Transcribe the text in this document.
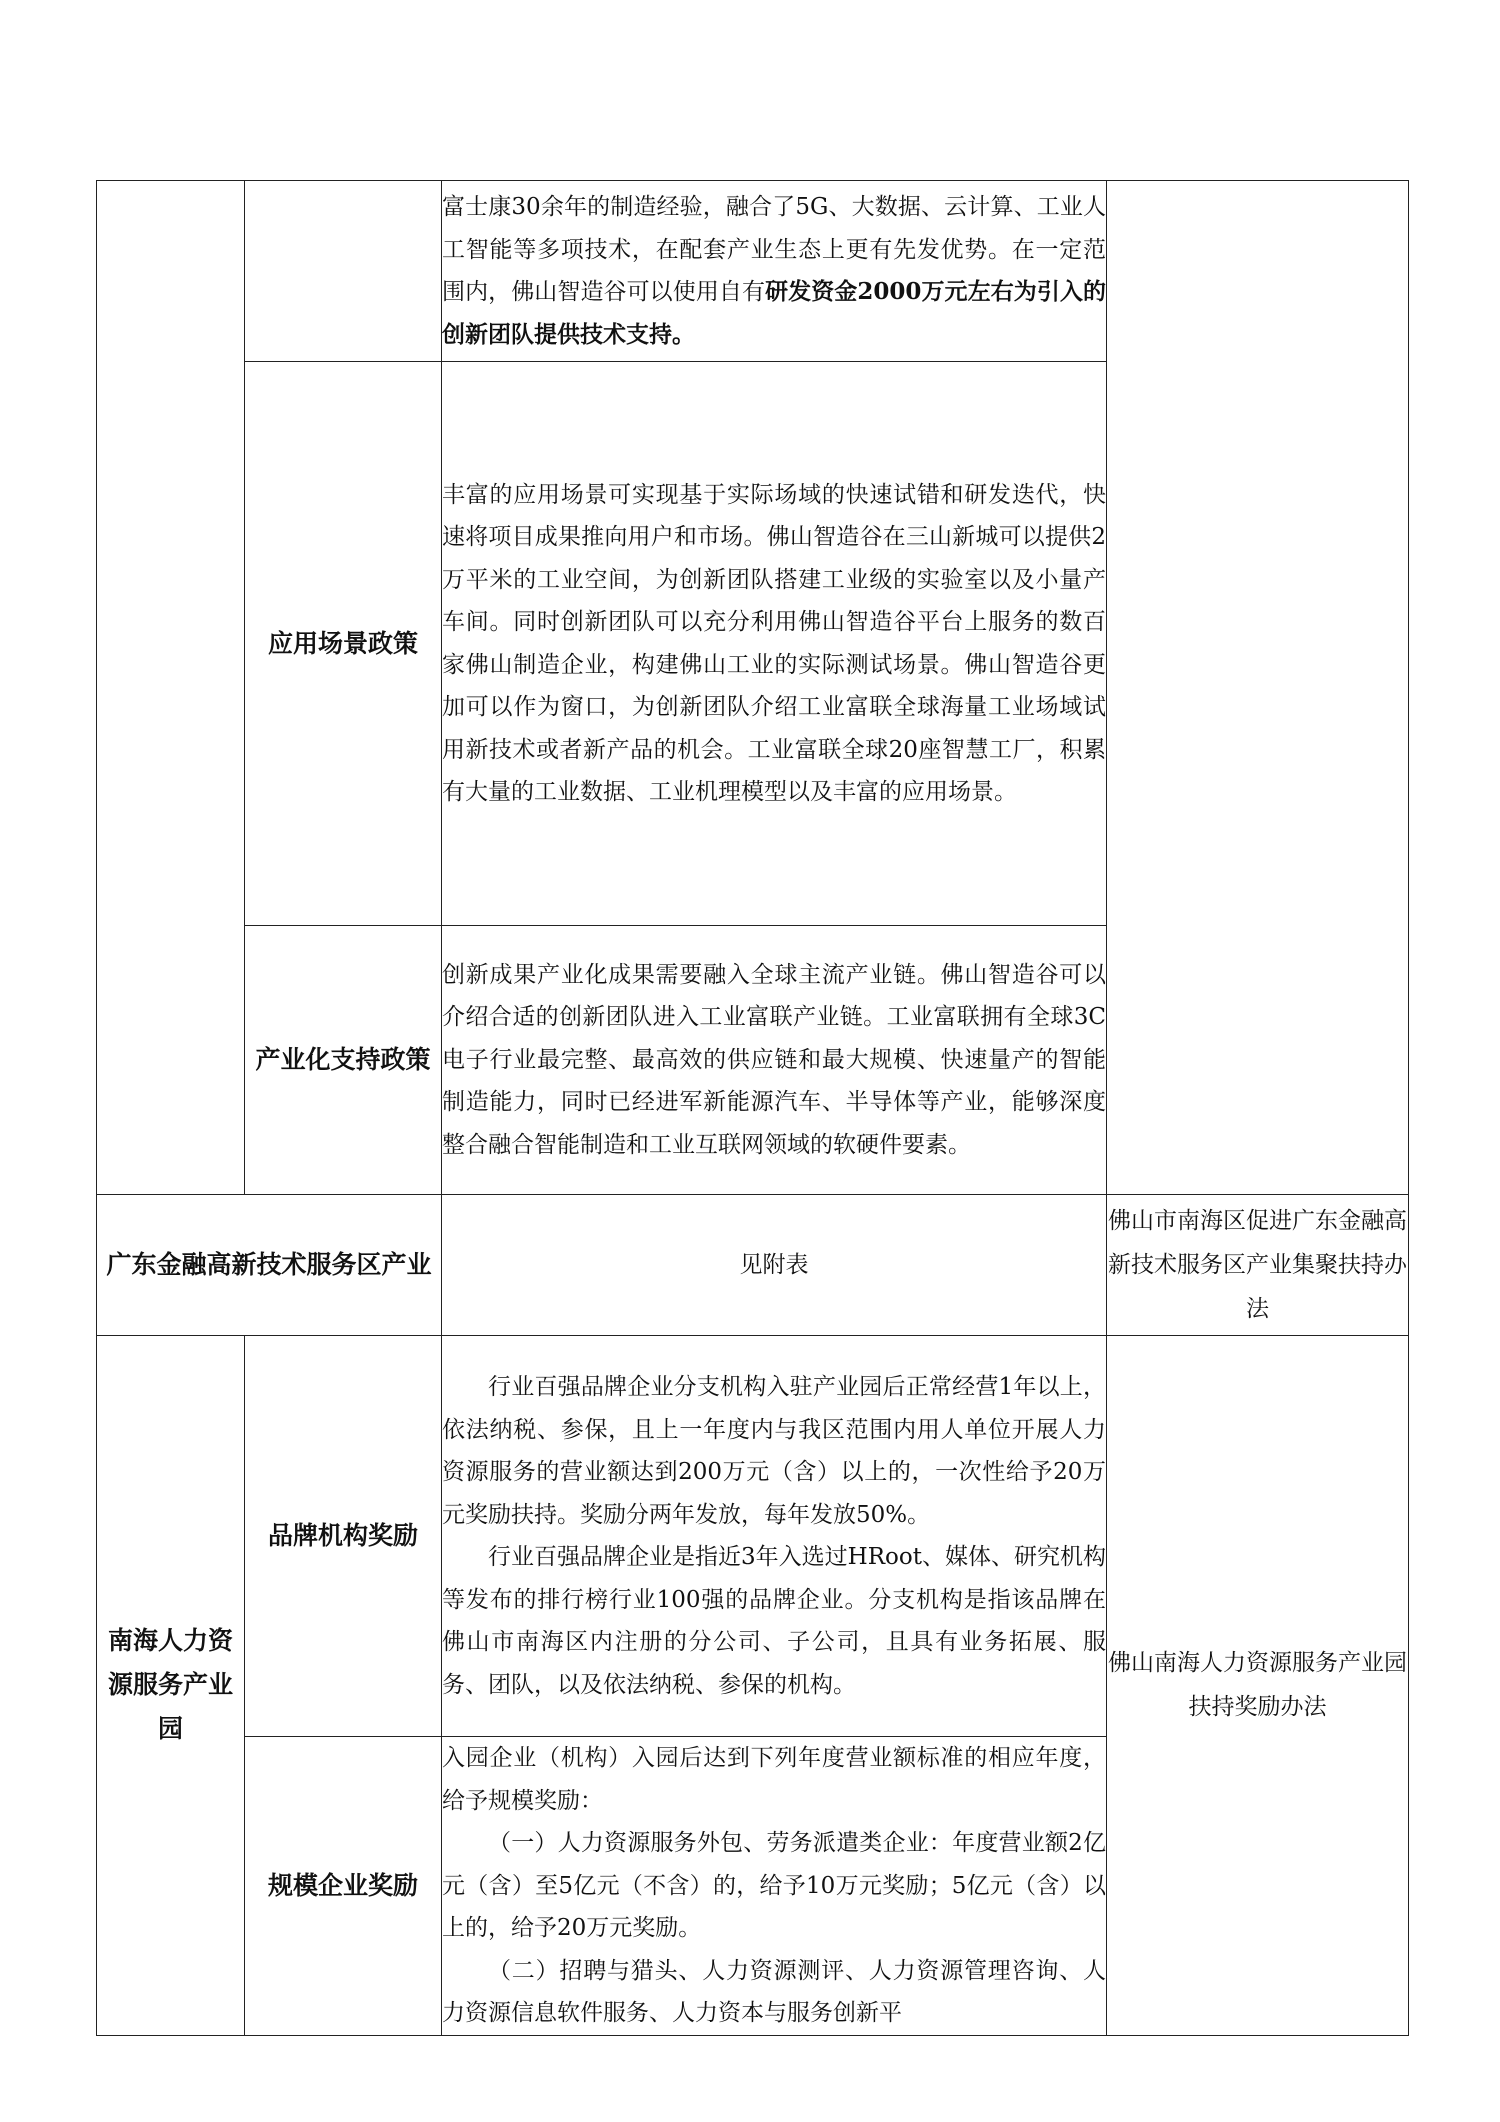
		富士康30余年的制造经验，融合了5G、大数据、云计算、工业人工智能等多项技术，在配套产业生态上更有先发优势。在一定范围内，佛山智造谷可以使用自有研发资金2000万元左右为引入的创新团队提供技术支持。	

	应用场景政策	丰富的应用场景可实现基于实际场域的快速试错和研发迭代，快速将项目成果推向用户和市场。佛山智造谷在三山新城可以提供2万平米的工业空间，为创新团队搭建工业级的实验室以及小量产车间。同时创新团队可以充分利用佛山智造谷平台上服务的数百家佛山制造企业，构建佛山工业的实际测试场景。佛山智造谷更加可以作为窗口，为创新团队介绍工业富联全球海量工业场域试用新技术或者新产品的机会。工业富联全球20座智慧工厂，积累有大量的工业数据、工业机理模型以及丰富的应用场景。	

	产业化支持政策	创新成果产业化成果需要融入全球主流产业链。佛山智造谷可以介绍合适的创新团队进入工业富联产业链。工业富联拥有全球3C电子行业最完整、最高效的供应链和最大规模、快速量产的智能制造能力，同时已经进军新能源汽车、半导体等产业，能够深度整合融合智能制造和工业互联网领域的软硬件要素。	

广东金融高新技术服务区产业		见附表	佛山市南海区促进广东金融高新技术服务区产业集聚扶持办法
南海人力资源服务产业园	品牌机构奖励	行业百强品牌企业分支机构入驻产业园后正常经营1年以上，依法纳税、参保，且上一年度内与我区范围内用人单位开展人力资源服务的营业额达到200万元（含）以上的，一次性给予20万元奖励扶持。奖励分两年发放，每年发放50%。

行业百强品牌企业是指近3年入选过HRoot、媒体、研究机构等发布的排行榜行业100强的品牌企业。分支机构是指该品牌在佛山市南海区内注册的分公司、子公司，且具有业务拓展、服务、团队，以及依法纳税、参保的机构。	佛山南海人力资源服务产业园扶持奖励办法
	规模企业奖励	入园企业（机构）入园后达到下列年度营业额标准的相应年度，给予规模奖励：

（一）人力资源服务外包、劳务派遣类企业：年度营业额2亿元（含）至5亿元（不含）的，给予10万元奖励；5亿元（含）以上的，给予20万元奖励。

（二）招聘与猎头、人力资源测评、人力资源管理咨询、人力资源信息软件服务、人力资本与服务创新平	
